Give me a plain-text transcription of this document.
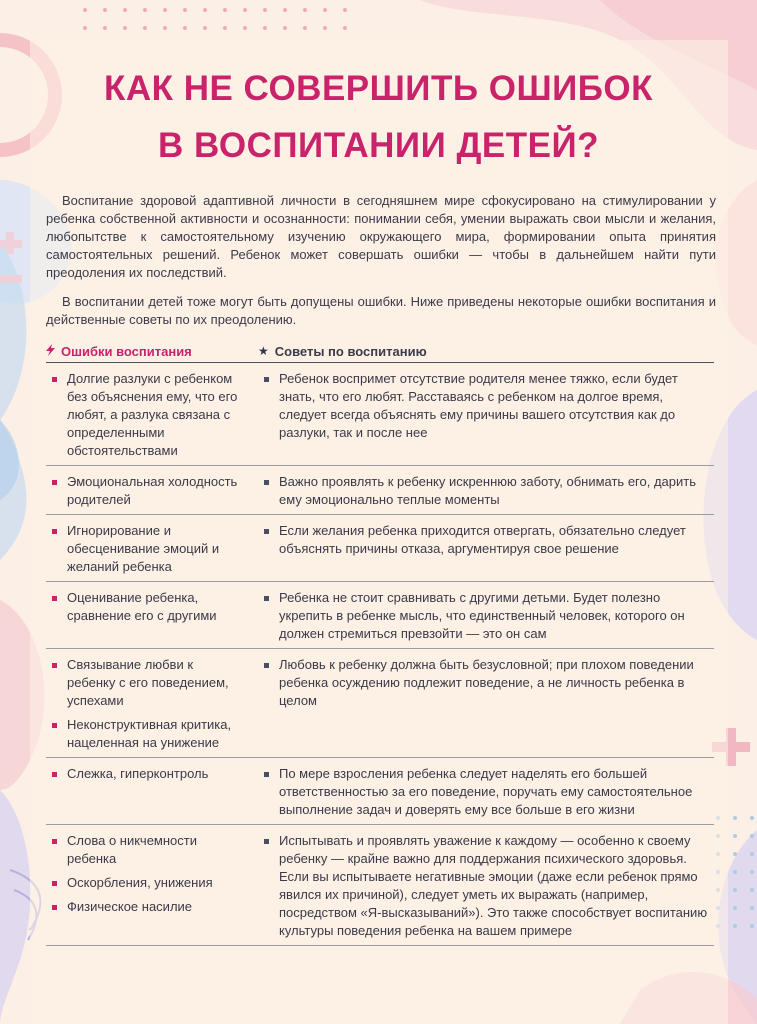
КАК НЕ СОВЕРШИТЬ ОШИБОК
В ВОСПИТАНИИ ДЕТЕЙ?

Воспитание здоровой адаптивной личности в сегодняшнем мире сфокусировано на стимулировании у ребенка собственной активности и осознанности: понимании себя, умении выражать свои мысли и желания, любопытстве к самостоятельному изучению окружающего мира, формировании опыта принятия самостоятельных решений. Ребенок может совершать ошибки — чтобы в дальнейшем найти пути преодоления их последствий.

В воспитании детей тоже могут быть допущены ошибки. Ниже приведены некоторые ошибки воспитания и действенные советы по их преодолению.

Ошибки воспитания	★ Советы по воспитанию
Долгие разлуки с ребенком без объяснения ему, что его любят, а разлука связана с определенными обстоятельствами
Ребенок воспримет отсутствие родителя менее тяжко, если будет знать, что его любят. Расставаясь с ребенком на долгое время, следует всегда объяснять ему причины вашего отсутствия как до разлуки, так и после нее
Эмоциональная холодность родителей
Важно проявлять к ребенку искреннюю заботу, обнимать его, дарить ему эмоционально теплые моменты
Игнорирование и обесценивание эмоций и желаний ребенка
Если желания ребенка приходится отвергать, обязательно следует объяснять причины отказа, аргументируя свое решение
Оценивание ребенка, сравнение его с другими
Ребенка не стоит сравнивать с другими детьми. Будет полезно укрепить в ребенке мысль, что единственный человек, которого он должен стремиться превзойти — это он сам
Связывание любви к ребенку с его поведением, успехами
Неконструктивная критика, нацеленная на унижение
Любовь к ребенку должна быть безусловной; при плохом поведении ребенка осуждению подлежит поведение, а не личность ребенка в целом
Слежка, гиперконтроль	По мере взросления ребенка следует наделять его большей ответственностью за его поведение, поручать ему самостоятельное выполнение задач и доверять ему все больше в его жизни
Слова о никчемности ребенка
Оскорбления, унижения
Физическое насилие
Испытывать и проявлять уважение к каждому — особенно к своему ребенку — крайне важно для поддержания психического здоровья. Если вы испытываете негативные эмоции (даже если ребенок прямо явился их причиной), следует уметь их выражать (например, посредством «Я-высказываний»). Это также способствует воспитанию культуры поведения ребенка на вашем примере
